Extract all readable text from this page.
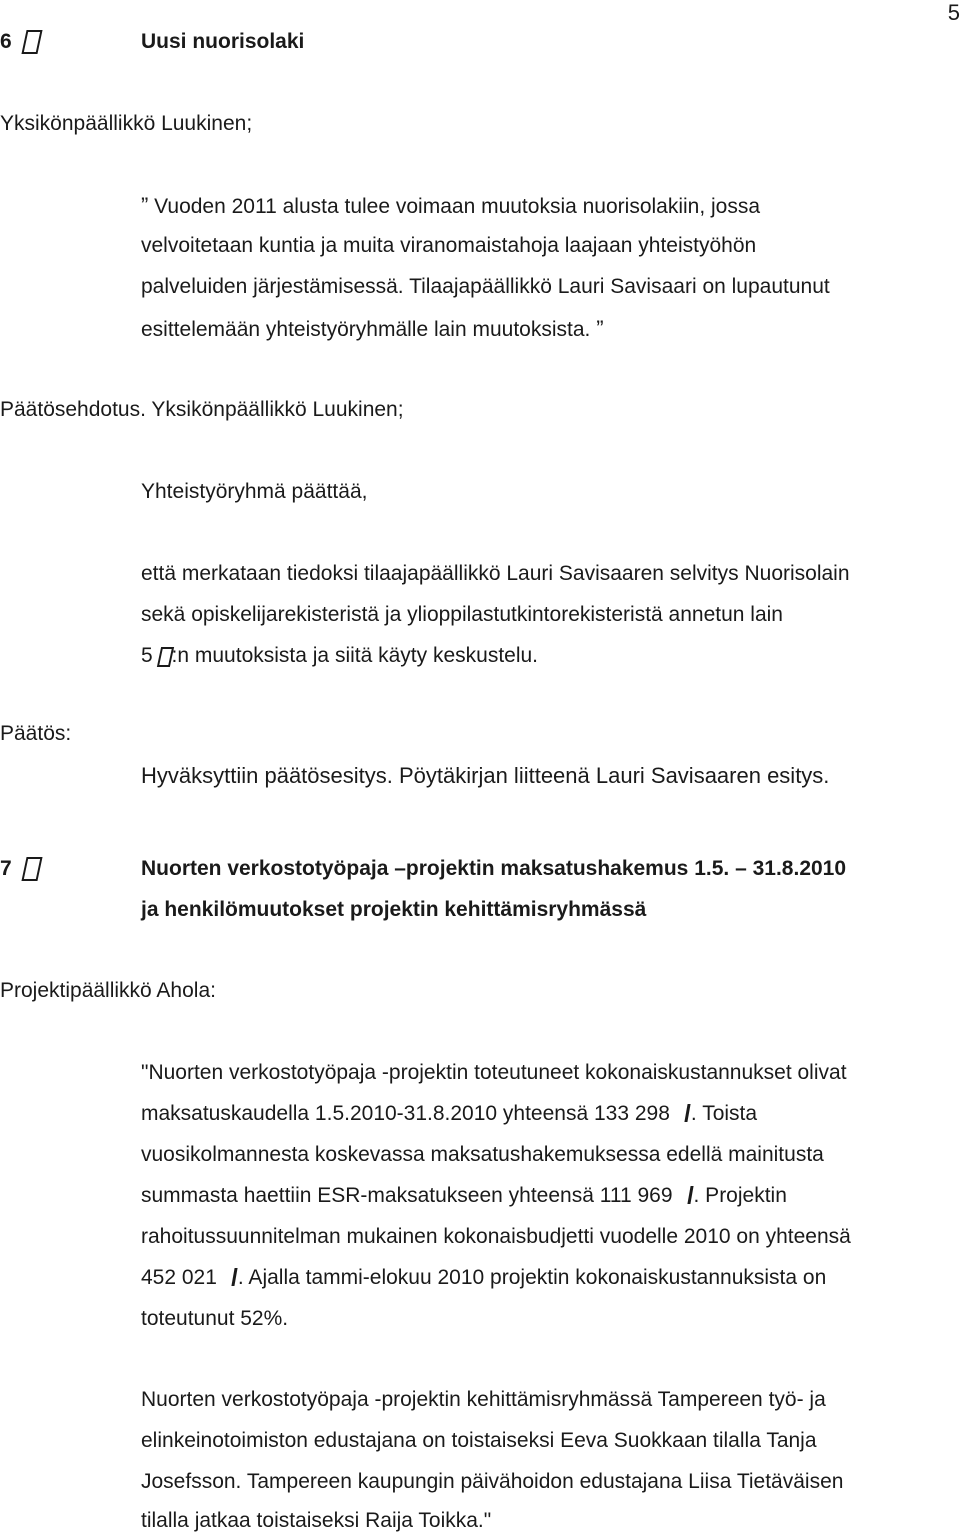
5
6	Uusi nuorisolaki
Yksikönpäällikkö Luukinen;
” Vuoden 2011 alusta tulee voimaan muutoksia nuorisolakiin, jossa
velvoitetaan kuntia ja muita viranomaistahoja laajaan yhteistyöhön
palveluiden järjestämisessä. Tilaajapäällikkö Lauri Savisaari on lupautunut
esittelemään yhteistyöryhmälle lain muutoksista. ”
Päätösehdotus. Yksikönpäällikkö Luukinen;
Yhteistyöryhmä päättää,
että merkataan tiedoksi tilaajapäällikkö Lauri Savisaaren selvitys Nuorisolain
sekä opiskelijarekisteristä ja ylioppilastutkintorekisteristä annetun lain
5 :n muutoksista ja siitä käyty keskustelu.
Päätös:
Hyväksyttiin päätösesitys. Pöytäkirjan liitteenä Lauri Savisaaren esitys.
7	Nuorten verkostotyöpaja –projektin maksatushakemus 1.5. – 31.8.2010
ja henkilömuutokset projektin kehittämisryhmässä
Projektipäällikkö Ahola:
"Nuorten verkostotyöpaja -projektin toteutuneet kokonaiskustannukset olivat
maksatuskaudella 1.5.2010-31.8.2010 yhteensä 133 298 . Toista
vuosikolmannesta koskevassa maksatushakemuksessa edellä mainitusta
summasta haettiin ESR-maksatukseen yhteensä 111 969 . Projektin
rahoitussuunnitelman mukainen kokonaisbudjetti vuodelle 2010 on yhteensä
452 021 . Ajalla tammi-elokuu 2010 projektin kokonaiskustannuksista on
toteutunut 52%.
Nuorten verkostotyöpaja -projektin kehittämisryhmässä Tampereen työ- ja
elinkeinotoimiston edustajana on toistaiseksi Eeva Suokkaan tilalla Tanja
Josefsson. Tampereen kaupungin päivähoidon edustajana Liisa Tietäväisen
tilalla jatkaa toistaiseksi Raija Toikka."
